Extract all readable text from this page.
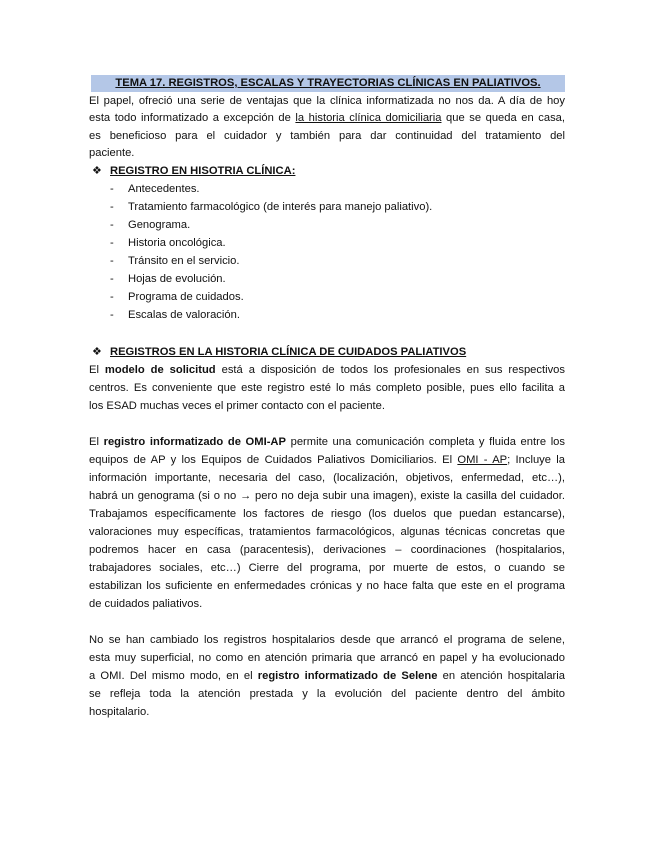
TEMA 17. REGISTROS, ESCALAS Y TRAYECTORIAS CLÍNICAS EN PALIATIVOS.
El papel, ofreció una serie de ventajas que la clínica informatizada no nos da. A día de hoy
esta todo informatizado a excepción de la historia clínica domiciliaria que se queda en casa,
es beneficioso para el cuidador y también para dar continuidad del tratamiento del
paciente.
❖ REGISTRO EN HISOTRIA CLÍNICA:
- Antecedentes.
- Tratamiento farmacológico (de interés para manejo paliativo).
- Genograma.
- Historia oncológica.
- Tránsito en el servicio.
- Hojas de evolución.
- Programa de cuidados.
- Escalas de valoración.
❖ REGISTROS EN LA HISTORIA CLÍNICA DE CUIDADOS PALIATIVOS
El modelo de solicitud está a disposición de todos los profesionales en sus respectivos
centros. Es conveniente que este registro esté lo más completo posible, pues ello facilita a
los ESAD muchas veces el primer contacto con el paciente.
El registro informatizado de OMI-AP permite una comunicación completa y fluida entre los
equipos de AP y los Equipos de Cuidados Paliativos Domiciliarios. El OMI - AP; Incluye la
información importante, necesaria del caso, (localización, objetivos, enfermedad, etc…),
habrá un genograma (si o no → pero no deja subir una imagen), existe la casilla del cuidador.
Trabajamos específicamente los factores de riesgo (los duelos que puedan estancarse),
valoraciones muy específicas, tratamientos farmacológicos, algunas técnicas concretas que
podremos hacer en casa (paracentesis), derivaciones – coordinaciones (hospitalarios,
trabajadores sociales, etc…) Cierre del programa, por muerte de estos, o cuando se
estabilizan los suficiente en enfermedades crónicas y no hace falta que este en el programa
de cuidados paliativos.
No se han cambiado los registros hospitalarios desde que arrancó el programa de selene,
esta muy superficial, no como en atención primaria que arrancó en papel y ha evolucionado
a OMI. Del mismo modo, en el registro informatizado de Selene en atención hospitalaria
se refleja toda la atención prestada y la evolución del paciente dentro del ámbito
hospitalario.
